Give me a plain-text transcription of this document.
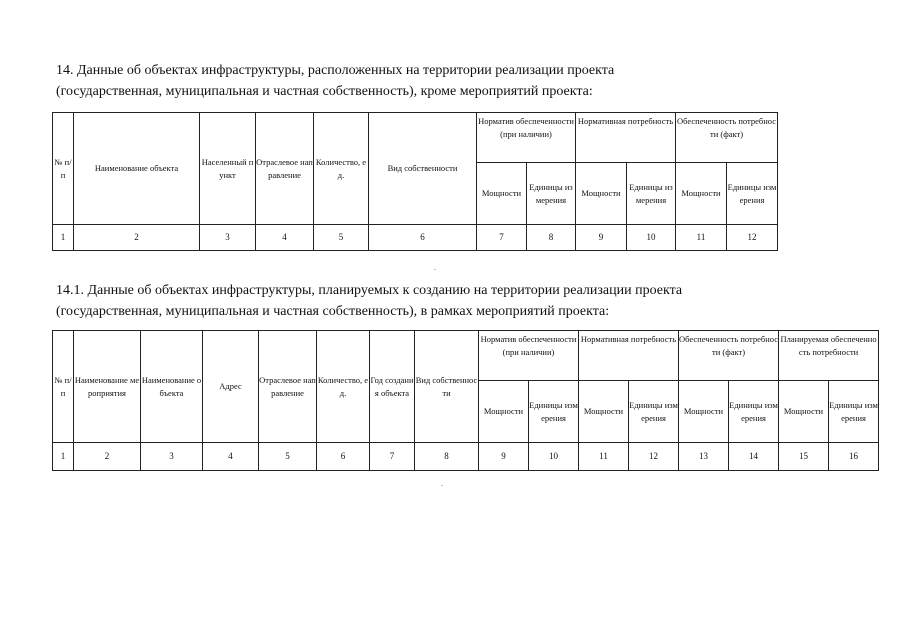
14. Данные об объектах инфраструктуры, расположенных на территории реализации проекта
(государственная, муниципальная и частная собственность), кроме мероприятий проекта:
№ п/п	Наименование объекта	Населенный пункт	Отраслевое направление	Количество, ед.	Вид собственности	Норматив обеспеченности (при наличии)		Нормативная потребность		Обеспеченность потребности (факт)	
						Мощности	Единицы измерения	Мощности	Единицы измерения	Мощности	Единицы измерения
1	2	3	4	5	6	7	8	9	10	11	12
14.1. Данные об объектах инфраструктуры, планируемых к созданию на территории реализации проекта
(государственная, муниципальная и частная собственность), в рамках мероприятий проекта:
№ п/п	Наименование мероприятия	Наименование объекта	Адрес	Отраслевое направление	Количество, ед.	Год создания объекта	Вид собственности	Норматив обеспеченности (при наличии)		Нормативная потребность		Обеспеченность потребности (факт)		Планируемая обеспеченность потребности	
								Мощности	Единицы измерения	Мощности	Единицы измерения	Мощности	Единицы измерения	Мощности	Единицы измерения
1	2	3	4	5	6	7	8	9	10	11	12	13	14	15	16
